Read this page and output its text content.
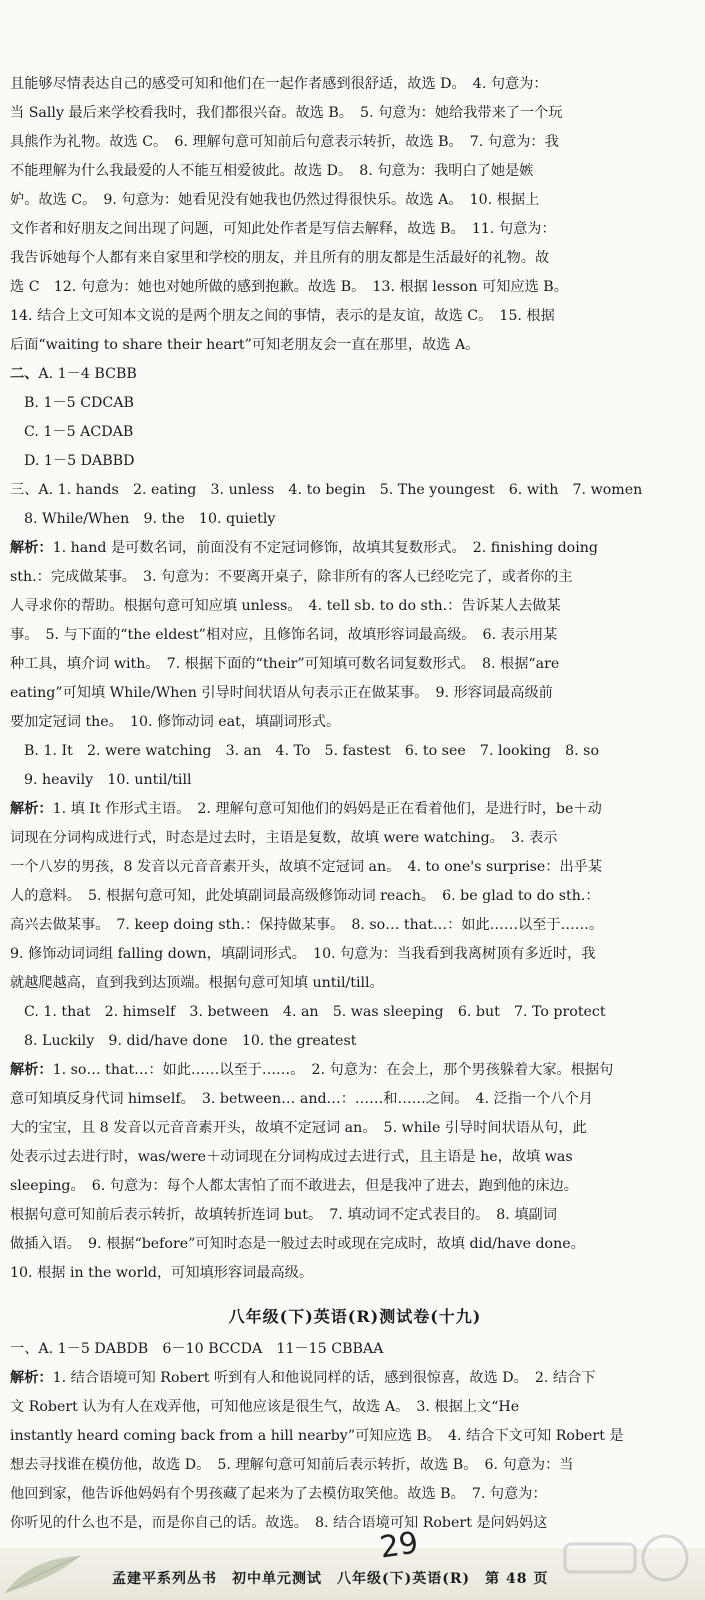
且能够尽情表达自己的感受可知和他们在一起作者感到很舒适，故选 D。　4. 句意为：

当 Sally 最后来学校看我时，我们都很兴奋。故选 B。　5. 句意为：她给我带来了一个玩

具熊作为礼物。故选 C。　6. 理解句意可知前后句意表示转折，故选 B。　7. 句意为：我

不能理解为什么我最爱的人不能互相爱彼此。故选 D。　8. 句意为：我明白了她是嫉

妒。故选 C。　9. 句意为：她看见没有她我也仍然过得很快乐。故选 A。　10. 根据上

文作者和好朋友之间出现了问题，可知此处作者是写信去解释，故选 B。　11. 句意为：

我告诉她每个人都有来自家里和学校的朋友，并且所有的朋友都是生活最好的礼物。故

选 C　12. 句意为：她也对她所做的感到抱歉。故选 B。　13. 根据 lesson 可知应选 B。

14. 结合上文可知本文说的是两个朋友之间的事情，表示的是友谊，故选 C。　15. 根据

后面“waiting to share their heart”可知老朋友会一直在那里，故选 A。

二、A. 1－4 BCBB

B. 1－5 CDCAB

C. 1－5 ACDAB

D. 1－5 DABBD

三、A. 1. hands　2. eating　3. unless　4. to begin　5. The youngest　6. with　7. women

8. While/When　9. the　10. quietly

解析：1. hand 是可数名词，前面没有不定冠词修饰，故填其复数形式。　2. finishing doing

sth.：完成做某事。　3. 句意为：不要离开桌子，除非所有的客人已经吃完了，或者你的主

人寻求你的帮助。根据句意可知应填 unless。　4. tell sb. to do sth.：告诉某人去做某

事。　5. 与下面的“the eldest”相对应，且修饰名词，故填形容词最高级。　6. 表示用某

种工具，填介词 with。　7. 根据下面的“their”可知填可数名词复数形式。　8. 根据“are

eating”可知填 While/When 引导时间状语从句表示正在做某事。　9. 形容词最高级前

要加定冠词 the。　10. 修饰动词 eat，填副词形式。

B. 1. It　2. were watching　3. an　4. To　5. fastest　6. to see　7. looking　8. so

9. heavily　10. until/till

解析：1. 填 It 作形式主语。　2. 理解句意可知他们的妈妈是正在看着他们，是进行时，be＋动

词现在分词构成进行式，时态是过去时，主语是复数，故填 were watching。　3. 表示

一个八岁的男孩，8 发音以元音音素开头，故填不定冠词 an。　4. to one's surprise：出乎某

人的意料。　5. 根据句意可知，此处填副词最高级修饰动词 reach。　6. be glad to do sth.：

高兴去做某事。　7. keep doing sth.：保持做某事。　8. so… that…：如此……以至于……。

9. 修饰动词词组 falling down，填副词形式。　10. 句意为：当我看到我离树顶有多近时，我

就越爬越高，直到我到达顶端。根据句意可知填 until/till。

C. 1. that　2. himself　3. between　4. an　5. was sleeping　6. but　7. To protect

8. Luckily　9. did/have done　10. the greatest

解析：1. so… that…：如此……以至于……。　2. 句意为：在会上，那个男孩躲着大家。根据句

意可知填反身代词 himself。　3. between… and…：……和……之间。　4. 泛指一个八个月

大的宝宝，且 8 发音以元音音素开头，故填不定冠词 an。　5. while 引导时间状语从句，此

处表示过去进行时，was/were＋动词现在分词构成过去进行式，且主语是 he，故填 was

sleeping。　6. 句意为：每个人都太害怕了而不敢进去，但是我冲了进去，跑到他的床边。

根据句意可知前后表示转折，故填转折连词 but。　7. 填动词不定式表目的。　8. 填副词

做插入语。　9. 根据“before”可知时态是一般过去时或现在完成时，故填 did/have done。

10. 根据 in the world，可知填形容词最高级。

八年级(下)英语(R)测试卷(十九)

一、A. 1－5 DABDB　6－10 BCCDA　11－15 CBBAA

解析：1. 结合语境可知 Robert 听到有人和他说同样的话，感到很惊喜，故选 D。　2. 结合下

文 Robert 认为有人在戏弄他，可知他应该是很生气，故选 A。　3. 根据上文“He

instantly heard coming back from a hill nearby”可知应选 B。　4. 结合下文可知 Robert 是

想去寻找谁在模仿他，故选 D。　5. 理解句意可知前后表示转折，故选 B。　6. 句意为：当

他回到家，他告诉他妈妈有个男孩藏了起来为了去模仿取笑他。故选 B。　7. 句意为：

你听见的什么也不是，而是你自己的话。故选。　8. 结合语境可知 Robert 是问妈妈这

孟建平系列丛书　初中单元测试　八年级(下)英语(R)　第 48 页
29
